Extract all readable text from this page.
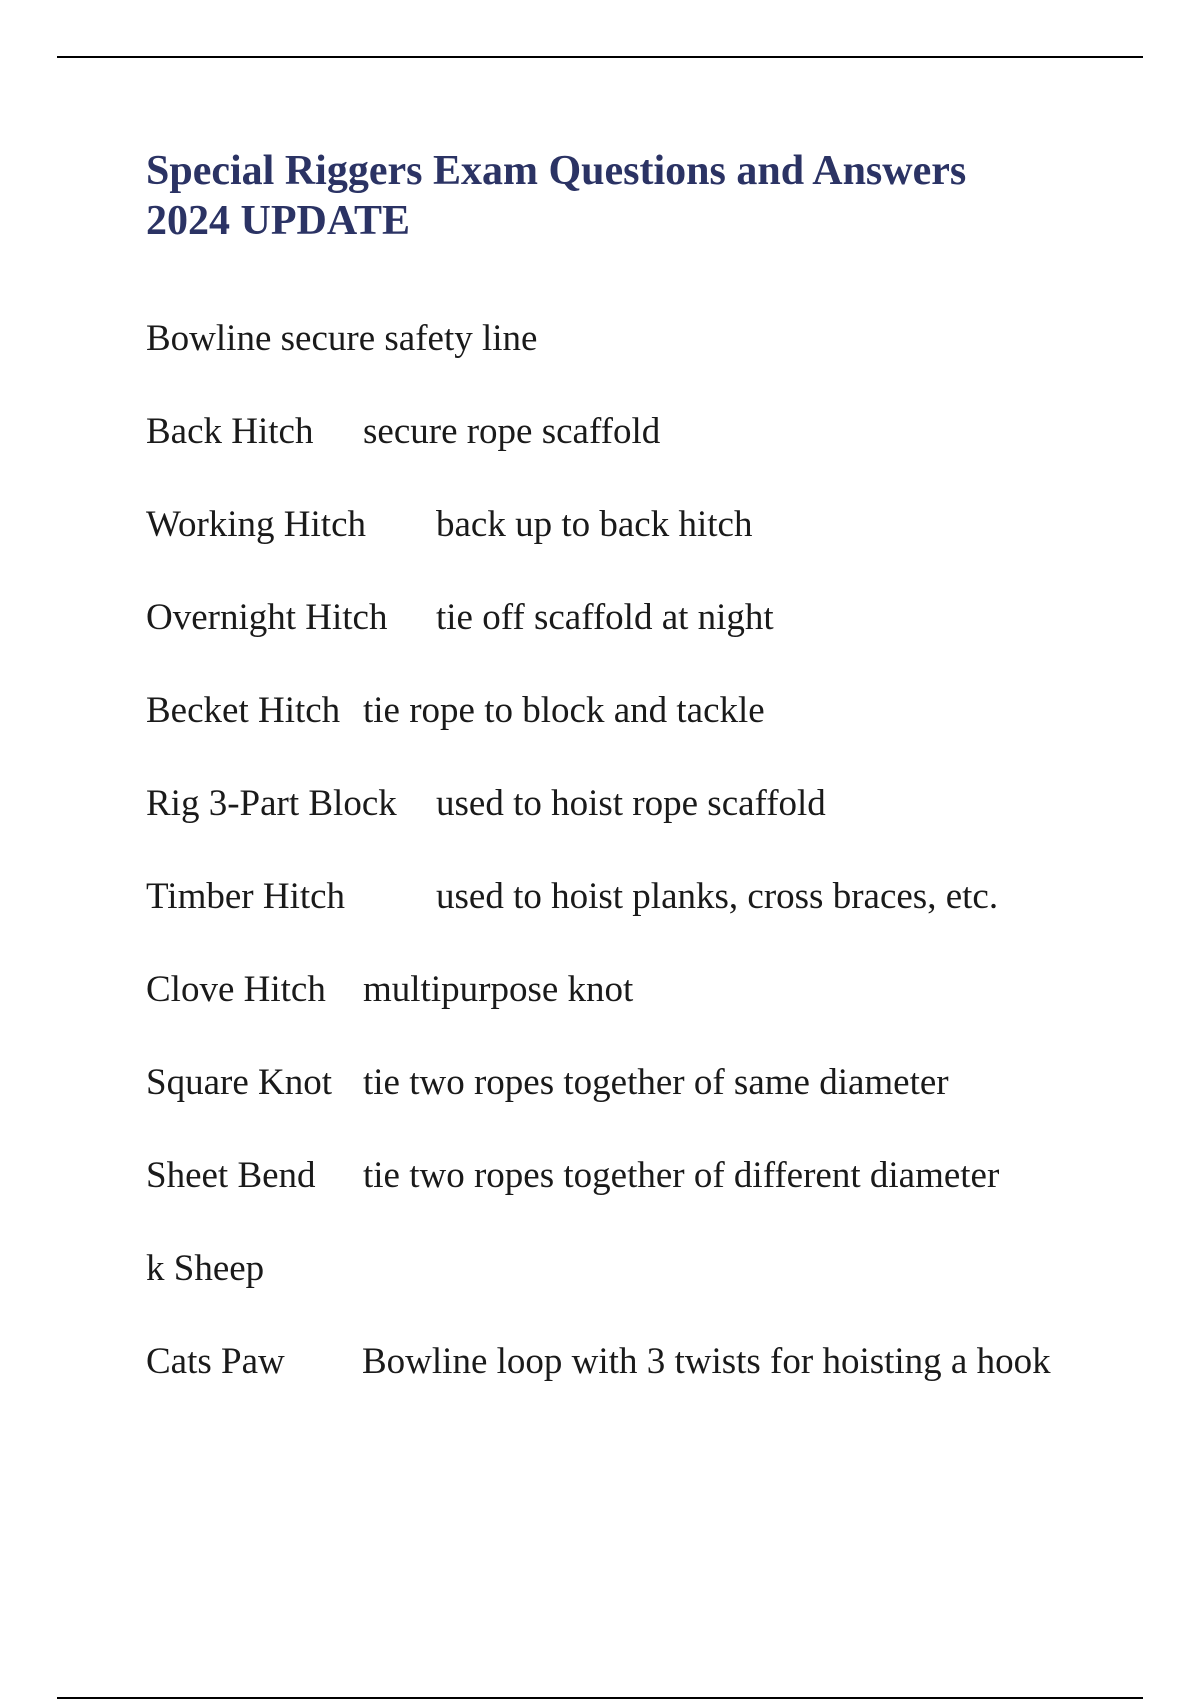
Special Riggers Exam Questions and Answers
2024 UPDATE
Bowline secure safety line
Back Hitch secure rope scaffold
Working Hitch back up to back hitch
Overnight Hitch tie off scaffold at night
Becket Hitch tie rope to block and tackle
Rig 3-Part Block used to hoist rope scaffold
Timber Hitch used to hoist planks, cross braces, etc.
Clove Hitch multipurpose knot
Square Knot tie two ropes together of same diameter
Sheet Bend tie two ropes together of different diameter
k Sheep
Cats Paw	Bowline loop with 3 twists for hoisting a hook
